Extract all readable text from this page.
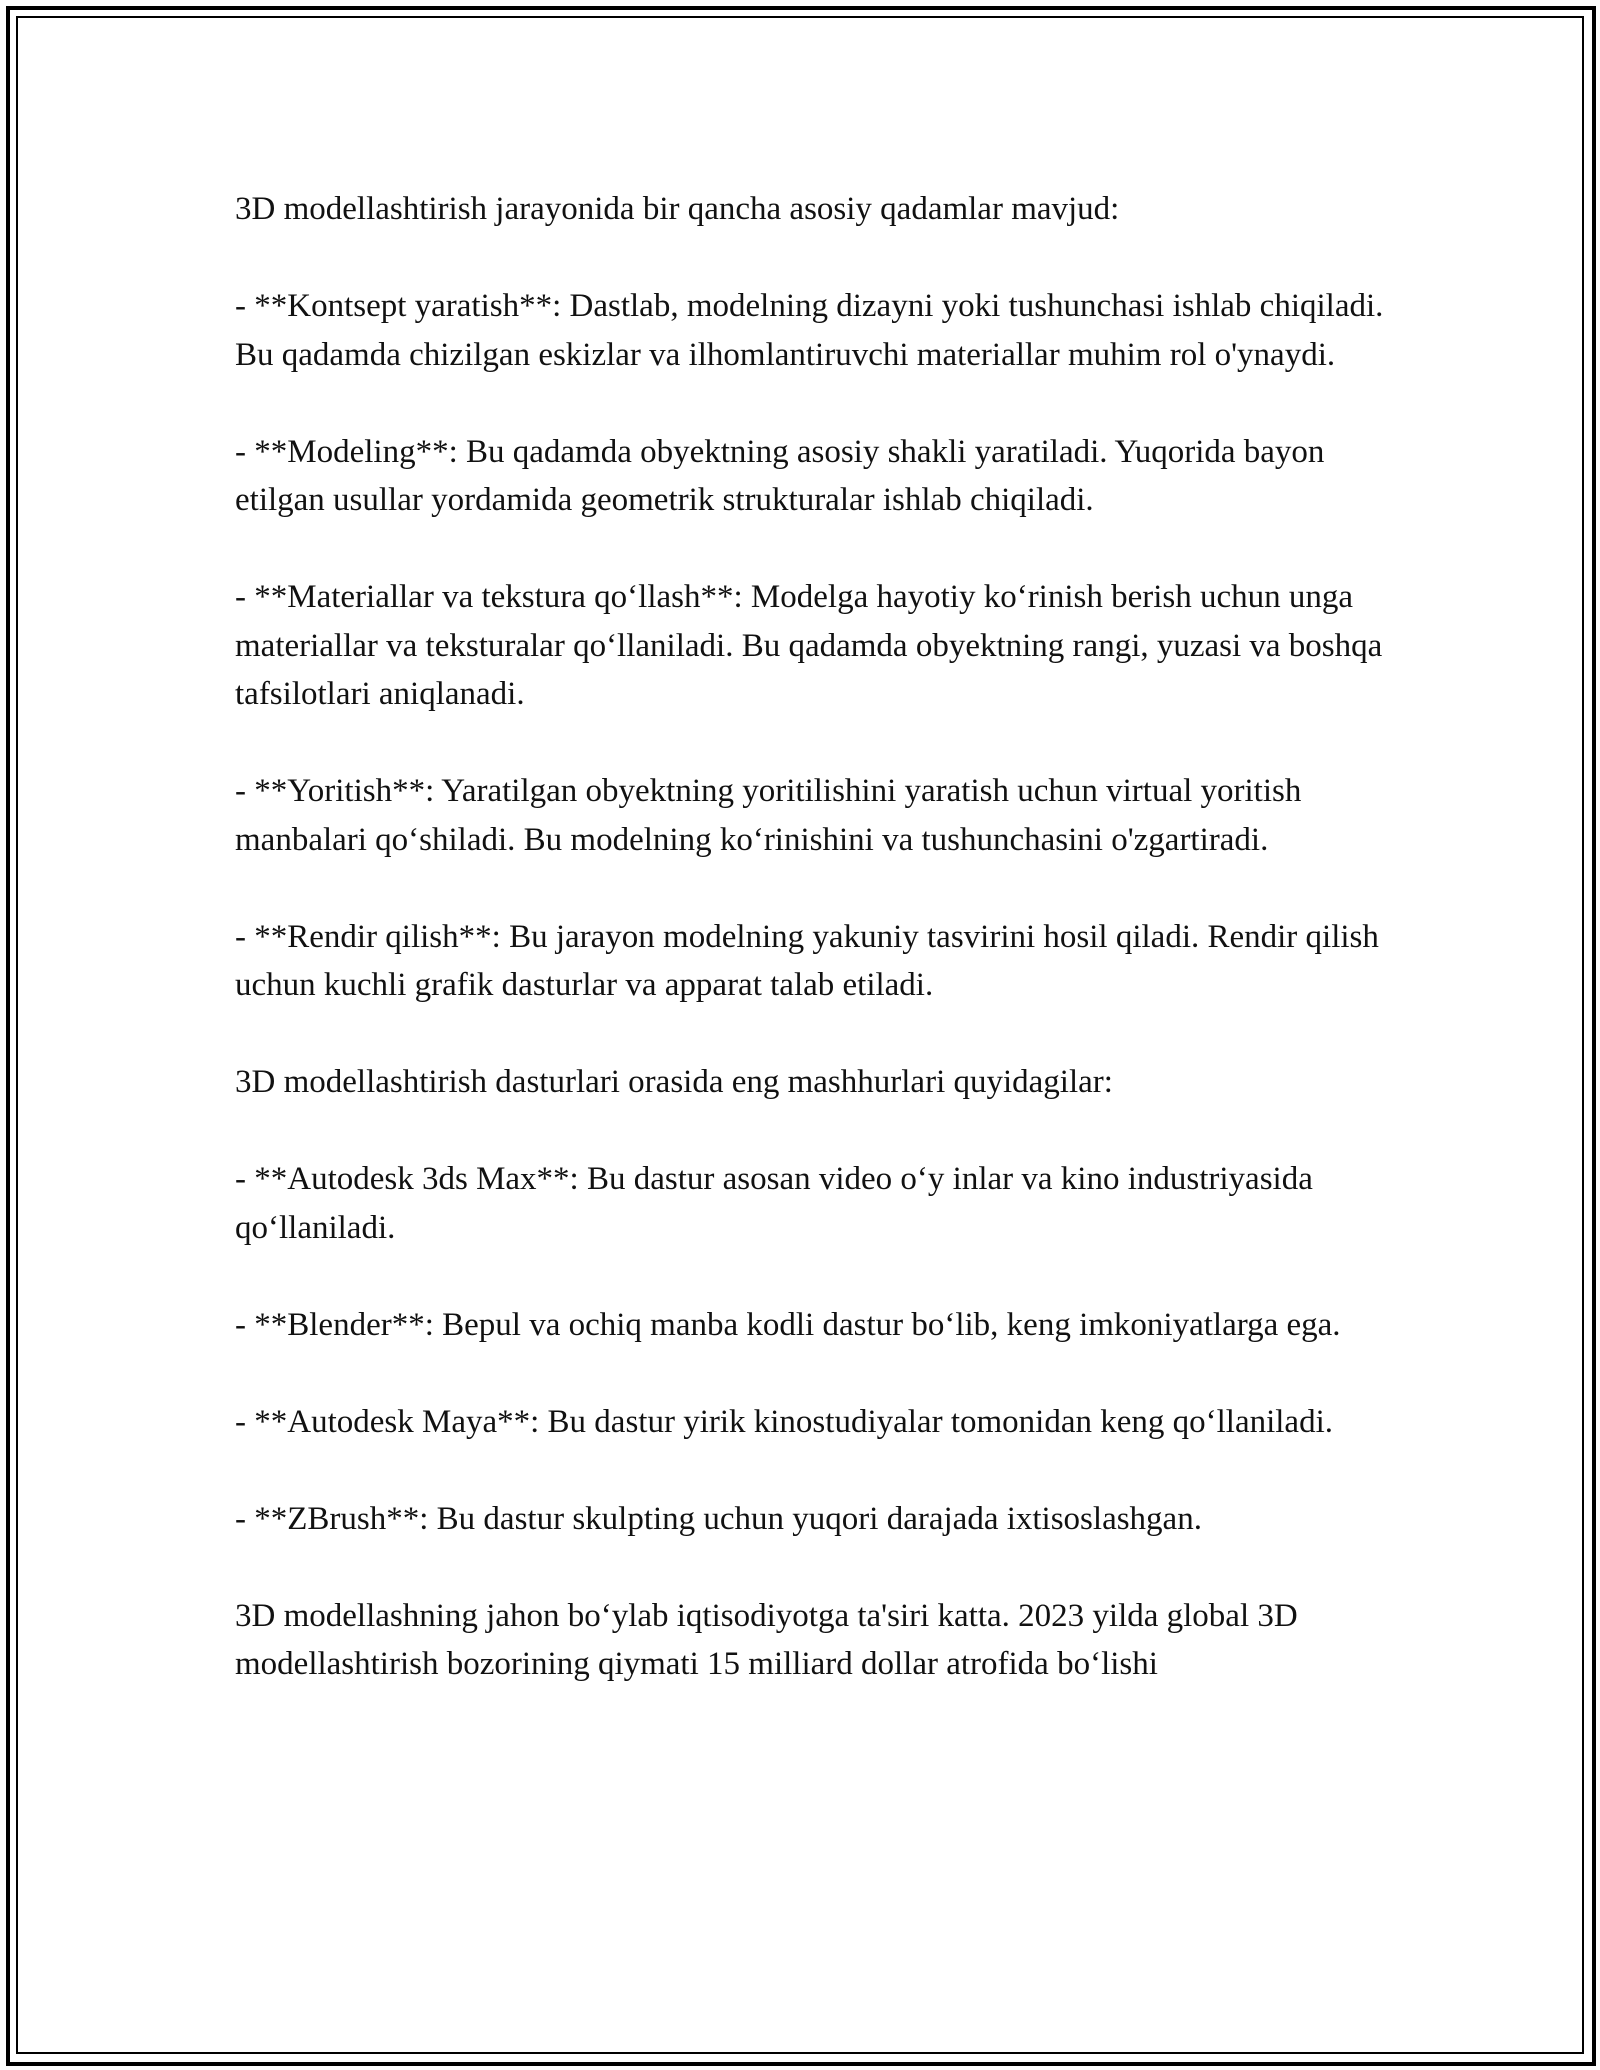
3D modellashtirish jarayonida bir qancha asosiy qadamlar mavjud:

- **Kontsept yaratish**: Dastlab, modelning dizayni yoki tushunchasi ishlab chiqiladi. Bu qadamda chizilgan eskizlar va ilhomlantiruvchi materiallar muhim rol o'ynaydi.

- **Modeling**: Bu qadamda obyektning asosiy shakli yaratiladi. Yuqorida bayon etilgan usullar yordamida geometrik strukturalar ishlab chiqiladi.

- **Materiallar va tekstura qo‘llash**: Modelga hayotiy ko‘rinish berish uchun unga materiallar va teksturalar qo‘llaniladi. Bu qadamda obyektning rangi, yuzasi va boshqa tafsilotlari aniqlanadi.

- **Yoritish**: Yaratilgan obyektning yoritilishini yaratish uchun virtual yoritish manbalari qo‘shiladi. Bu modelning ko‘rinishini va tushunchasini o'zgartiradi.

- **Rendir qilish**: Bu jarayon modelning yakuniy tasvirini hosil qiladi. Rendir qilish uchun kuchli grafik dasturlar va apparat talab etiladi.

3D modellashtirish dasturlari orasida eng mashhurlari quyidagilar:

- **Autodesk 3ds Max**: Bu dastur asosan video o‘y inlar va kino industriyasida qo‘llaniladi.

- **Blender**: Bepul va ochiq manba kodli dastur bo‘lib, keng imkoniyatlarga ega.

- **Autodesk Maya**: Bu dastur yirik kinostudiyalar tomonidan keng qo‘llaniladi.

- **ZBrush**: Bu dastur skulpting uchun yuqori darajada ixtisoslashgan.

3D modellashning jahon bo‘ylab iqtisodiyotga ta'siri katta. 2023 yilda global 3D modellashtirish bozorining qiymati 15 milliard dollar atrofida bo‘lishi
